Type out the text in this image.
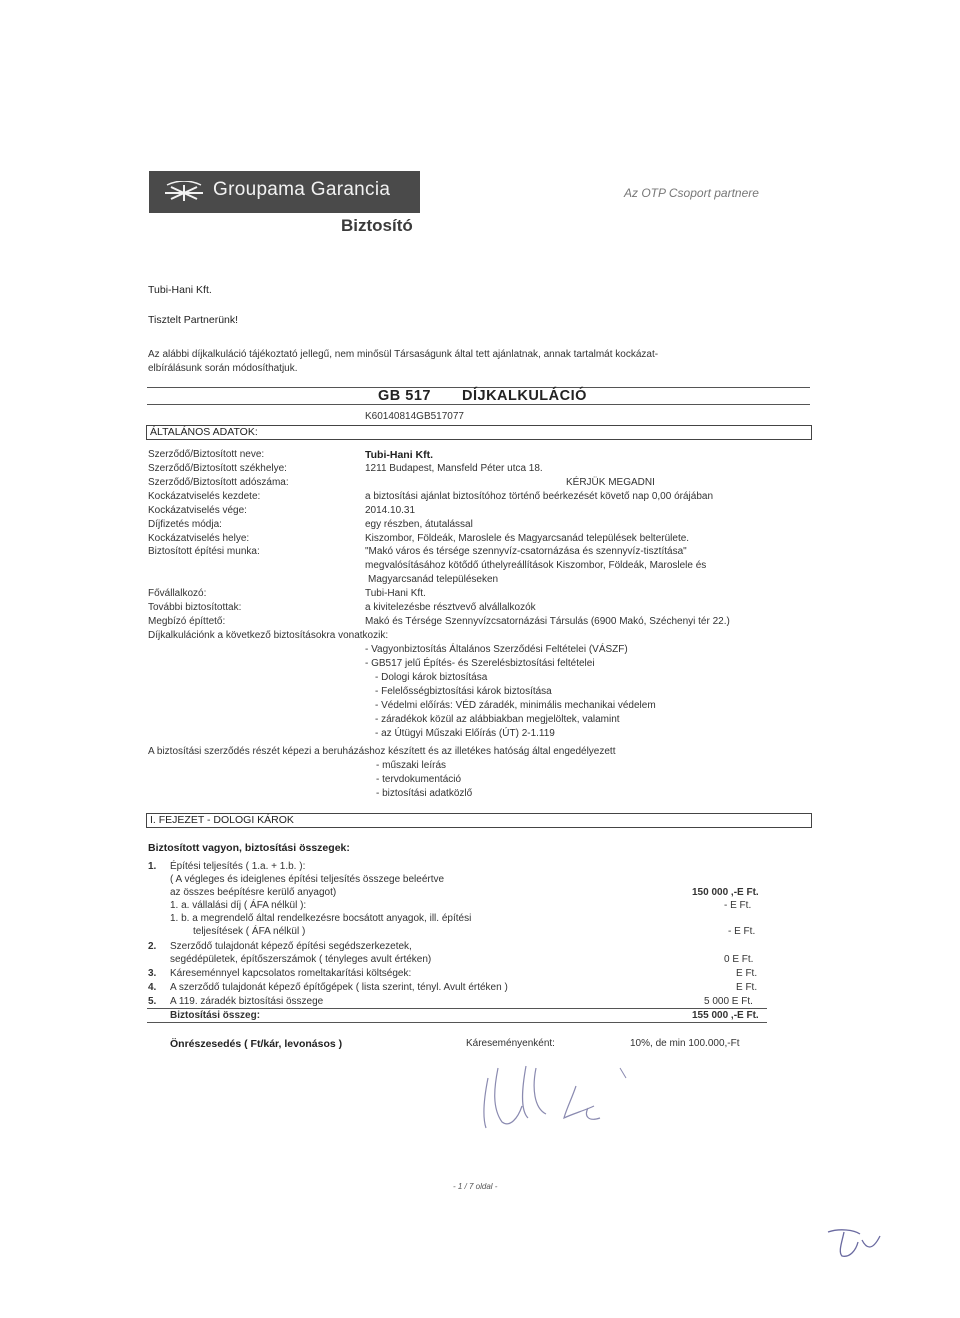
Groupama Garancia
Biztosító
Az OTP Csoport partnere
Tubi-Hani Kft.
Tisztelt Partnerünk!
Az alábbi díjkalkuláció tájékoztató jellegű, nem minősül Társaságunk által tett ajánlatnak, annak tartalmát kockázat-
elbírálásunk során módosíthatjuk.
GB 517 DÍJKALKULÁCIÓ
K60140814GB517077
ÁLTALÁNOS ADATOK:
Szerződő/Biztosított neve:	Tubi-Hani Kft.
Szerződő/Biztosított székhelye:	1211 Budapest, Mansfeld Péter utca 18.
Szerződő/Biztosított adószáma:	KÉRJÜK MEGADNI
Kockázatviselés kezdete:	a biztosítási ajánlat biztosítóhoz történő beérkezését követő nap 0,00 órájában
Kockázatviselés vége:	2014.10.31
Díjfizetés módja:	egy részben, átutalással
Kockázatviselés helye:	Kiszombor, Földeák, Maroslele és Magyarcsanád települések belterülete.
Biztosított építési munka:	"Makó város és térsége szennyvíz-csatornázása és szennyvíz-tisztítása"
megvalósításához kötődő úthelyreállítások Kiszombor, Földeák, Maroslele és
Magyarcsanád településeken
Fővállalkozó:	Tubi-Hani Kft.
További biztosítottak:	a kivitelezésbe résztvevő alvállalkozók
Megbízó építtető:	Makó és Térsége Szennyvízcsatornázási Társulás (6900 Makó, Széchenyi tér 22.)
Díjkalkulációnk a következő biztosításokra vonatkozik:
- Vagyonbiztosítás Általános Szerződési Feltételei (VÁSZF)
- GB517 jelű Építés- és Szerelésbiztosítási feltételei
- Dologi károk biztosítása
- Felelősségbiztosítási károk biztosítása
- Védelmi előírás: VÉD záradék, minimális mechanikai védelem
- záradékok közül az alábbiakban megjelöltek, valamint
- az Útügyi Műszaki Előírás (ÚT) 2-1.119
A biztosítási szerződés részét képezi a beruházáshoz készített és az illetékes hatóság által engedélyezett
- műszaki leírás
- tervdokumentáció
- biztosítási adatközlő
I. FEJEZET - DOLOGI KÁROK
Biztosított vagyon, biztosítási összegek:
1. Építési teljesítés ( 1.a. + 1.b. ):
( A végleges és ideiglenes építési teljesítés összege beleértve
az összes beépítésre kerülő anyagot)	150 000 ,-E Ft.
1. a. vállalási díj ( ÁFA nélkül ):	- E Ft.
1. b. a megrendelő által rendelkezésre bocsátott anyagok, ill. építési
teljesítések ( ÁFA nélkül )	- E Ft.
2. Szerződő tulajdonát képező építési segédszerkezetek,
segédépületek, építőszerszámok ( tényleges avult értéken)	0 E Ft.
3. Káreseménnyel kapcsolatos romeltakarítási költségek:	E Ft.
4. A szerződő tulajdonát képező építőgépek ( lista szerint, tényl. Avult értéken )	E Ft.
5. A 119. záradék biztosítási összege	5 000 E Ft.
Biztosítási összeg:	155 000 ,-E Ft.
Önrészesedés ( Ft/kár, levonásos )	Káreseményenként:	10%, de min 100.000,-Ft
- 1 / 7 oldal -
